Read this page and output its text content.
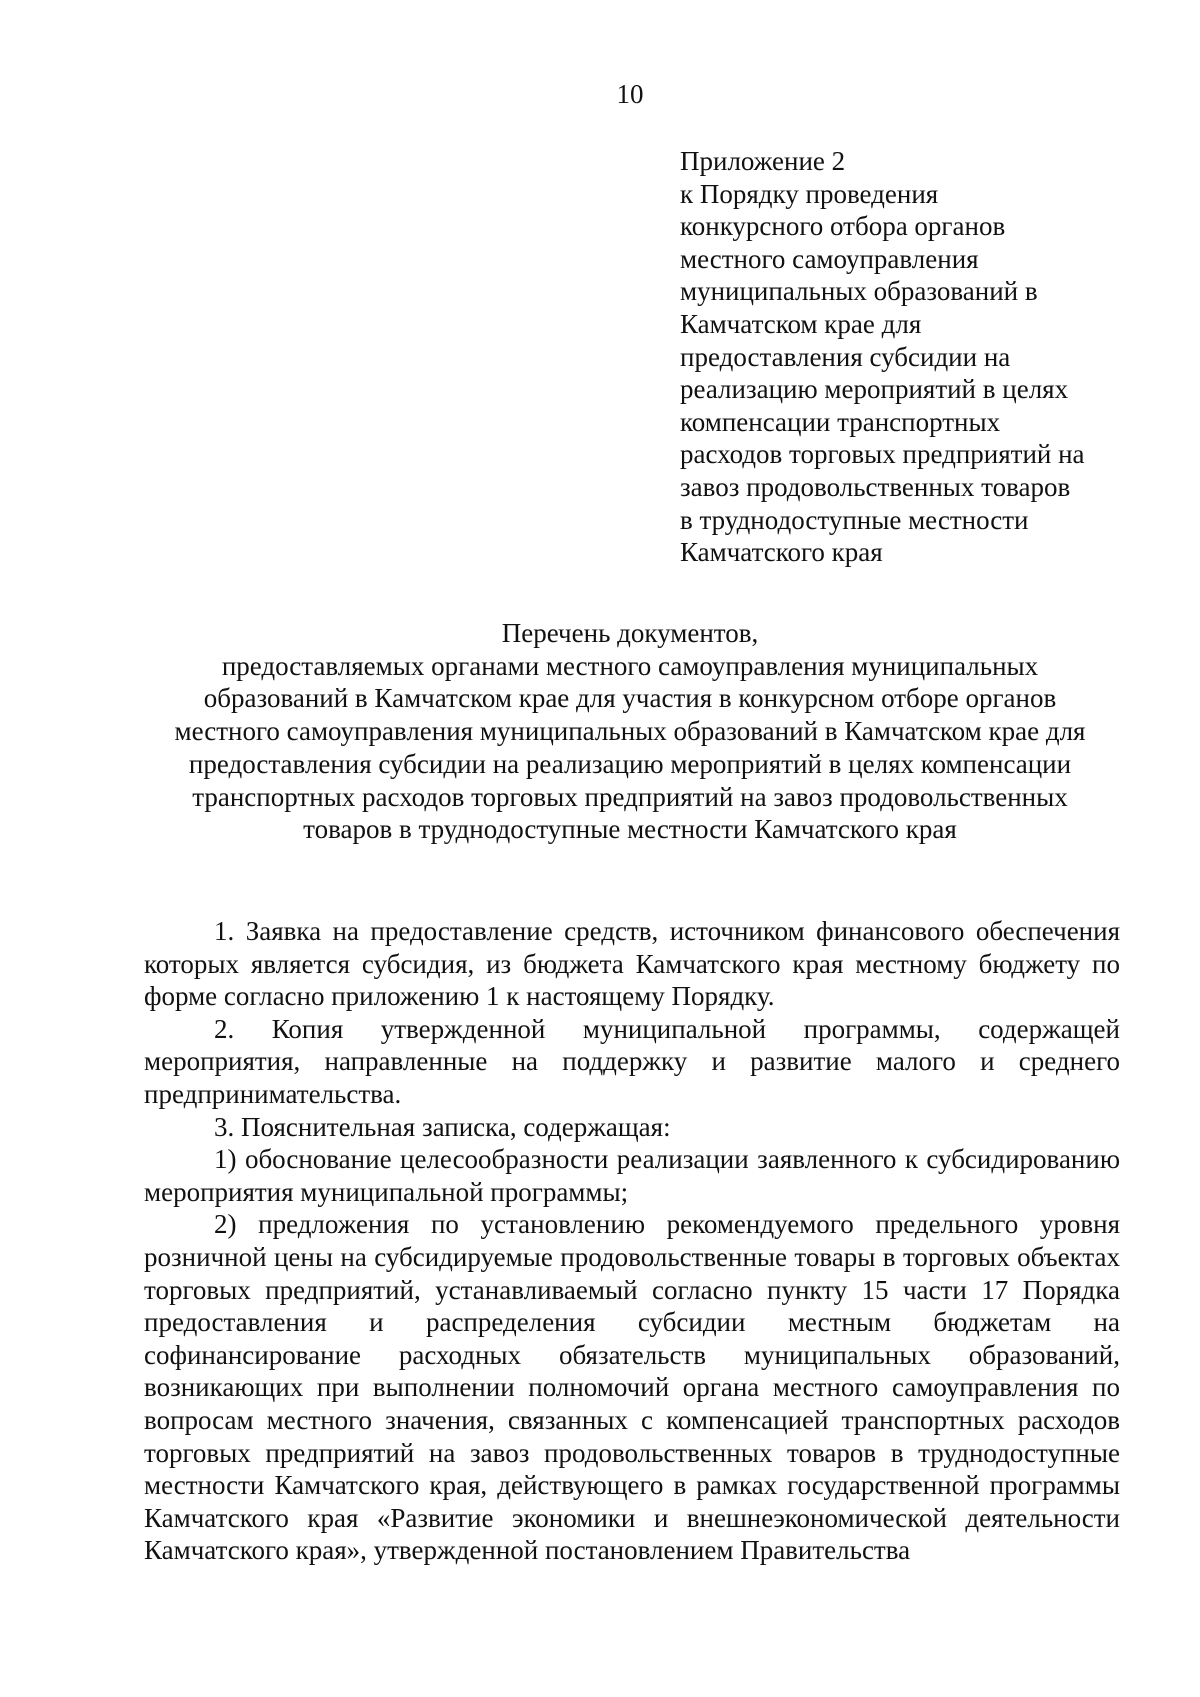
10
Приложение 2
к Порядку проведения
конкурсного отбора органов
местного самоуправления
муниципальных образований в
Камчатском крае для
предоставления субсидии на
реализацию мероприятий в целях
компенсации транспортных
расходов торговых предприятий на
завоз продовольственных товаров
в труднодоступные местности
Камчатского края
Перечень документов,
предоставляемых органами местного самоуправления муниципальных
образований в Камчатском крае для участия в конкурсном отборе органов
местного самоуправления муниципальных образований в Камчатском крае для
предоставления субсидии на реализацию мероприятий в целях компенсации
транспортных расходов торговых предприятий на завоз продовольственных
товаров в труднодоступные местности Камчатского края
1. Заявка на предоставление средств, источником финансового обеспечения которых является субсидия, из бюджета Камчатского края местному бюджету по форме согласно приложению 1 к настоящему Порядку.
2. Копия утвержденной муниципальной программы, содержащей мероприятия, направленные на поддержку и развитие малого и среднего предпринимательства.
3. Пояснительная записка, содержащая:
1) обоснование целесообразности реализации заявленного к субсидированию мероприятия муниципальной программы;
2) предложения по установлению рекомендуемого предельного уровня розничной цены на субсидируемые продовольственные товары в торговых объектах торговых предприятий, устанавливаемый согласно пункту 15 части 17 Порядка предоставления и распределения субсидии местным бюджетам на софинансирование расходных обязательств муниципальных образований, возникающих при выполнении полномочий органа местного самоуправления по вопросам местного значения, связанных с компенсацией транспортных расходов торговых предприятий на завоз продовольственных товаров в труднодоступные местности Камчатского края, действующего в рамках государственной программы Камчатского края «Развитие экономики и внешнеэкономической деятельности Камчатского края», утвержденной постановлением Правительства
